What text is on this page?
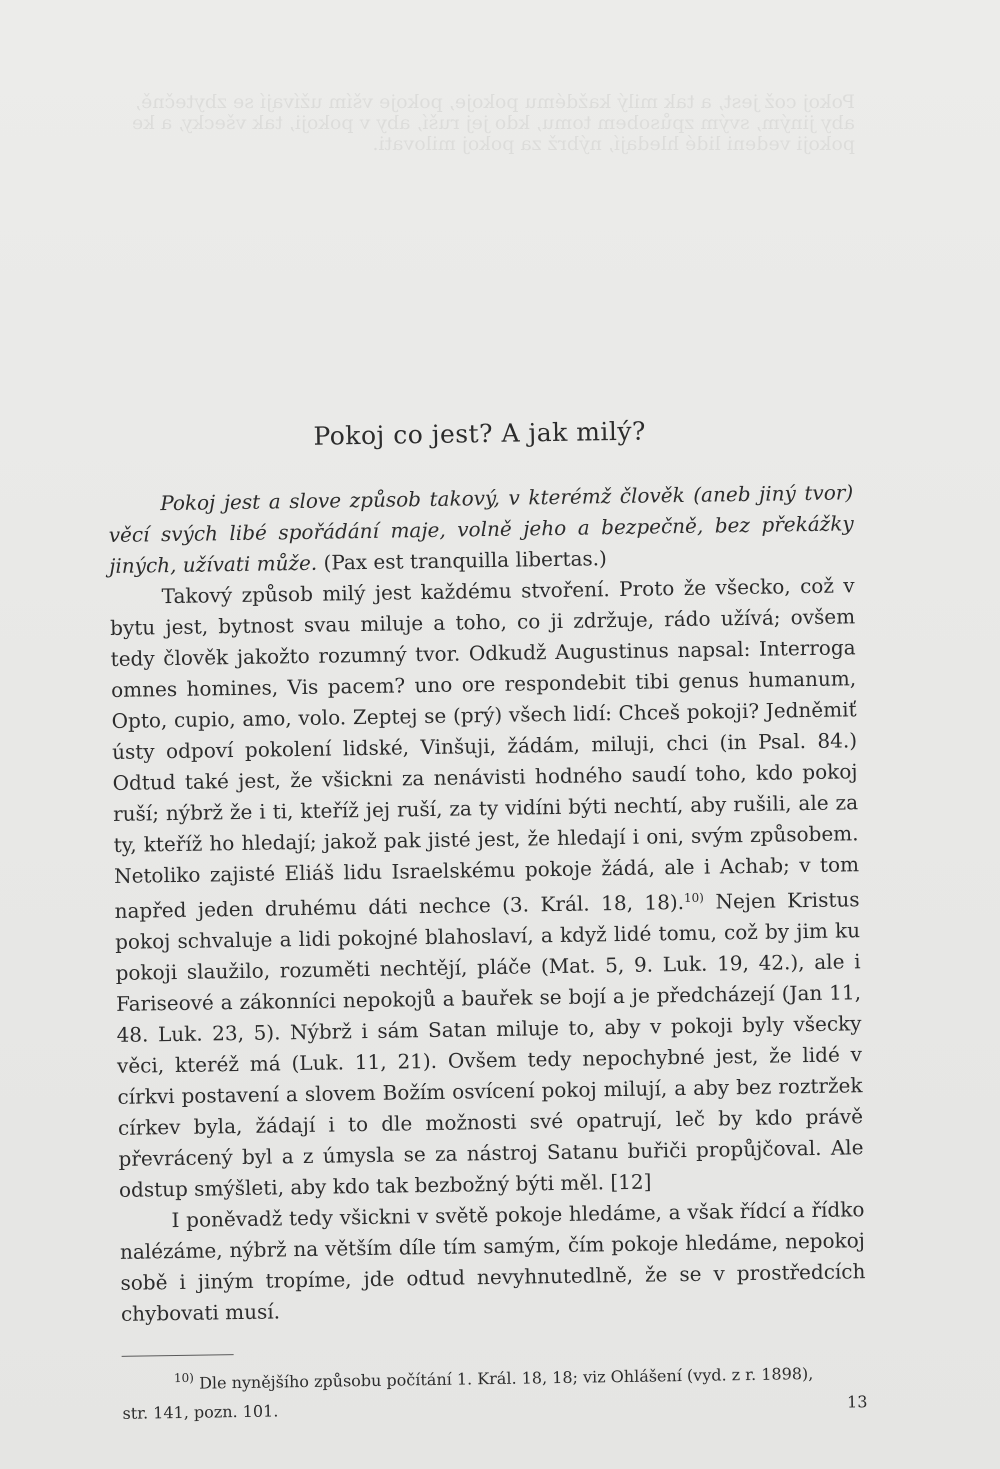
Pokoj což jest, a tak milý každému pokoje, pokoje vším užívají se zbytečně, aby jiným, svým způsobem tomu, kdo jej ruší, aby v pokoji, tak všecky, a ke pokoji vedeni lidé hledají, nýbrž za pokoj milovati.
Pokoj co jest? A jak milý?

Pokoj jest a slove způsob takový, v kterémž člověk (aneb jiný tvor) věcí svých libé spořádání maje, volně jeho a bezpečně, bez překážky jiných, užívati může. (Pax est tranquilla libertas.)

Takový způsob milý jest každému stvoření. Proto že všecko, což v bytu jest, bytnost svau miluje a toho, co ji zdržuje, rádo užívá; ovšem tedy člověk jakožto rozumný tvor. Odkudž Augustinus napsal: Interroga omnes homines, Vis pacem? uno ore respondebit tibi genus humanum, Opto, cupio, amo, volo. Zeptej se (prý) všech lidí: Chceš pokoji? Jedněmiť ústy odpoví pokolení lidské, Vinšuji, žádám, miluji, chci (in Psal. 84.) Odtud také jest, že všickni za nenávisti hodného saudí toho, kdo pokoj ruší; nýbrž že i ti, kteříž jej ruší, za ty vidíni býti nechtí, aby rušili, ale za ty, kteříž ho hledají; jakož pak jisté jest, že hledají i oni, svým způsobem. Netoliko zajisté Eliáš lidu Israelskému pokoje žádá, ale i Achab; v tom napřed jeden druhému dáti nechce (3. Král. 18, 18).$^{10)}$ Nejen Kristus pokoj schvaluje a lidi pokojné blahoslaví, a když lidé tomu, což by jim ku pokoji slaužilo, rozuměti nechtějí, pláče (Mat. 5, 9. Luk. 19, 42.), ale i Fariseové a zákonníci nepokojů a bauřek se bojí a je předcházejí (Jan 11, 48. Luk. 23, 5). Nýbrž i sám Satan miluje to, aby v pokoji byly všecky věci, kteréž má (Luk. 11, 21). Ovšem tedy nepochybné jest, že lidé v církvi postavení a slovem Božím osvícení pokoj milují, a aby bez roztržek církev byla, žádají i to dle možnosti své opatrují, leč by kdo právě převrácený byl a z úmysla se za nástroj Satanu buřiči propůjčoval. Ale odstup smýšleti, aby kdo tak bezbožný býti měl. [12]

I poněvadž tedy všickni v světě pokoje hledáme, a však řídcí a řídko nalézáme, nýbrž na větším díle tím samým, čím pokoje hledáme, nepokoj sobě i jiným tropíme, jde odtud nevyhnutedlně, že se v prostředcích chybovati musí.

$^{10)}$ Dle nynějšího způsobu počítání 1. Král. 18, 18; viz Ohlášení (vyd. z r. 1898),

str. 141, pozn. 101.	13
